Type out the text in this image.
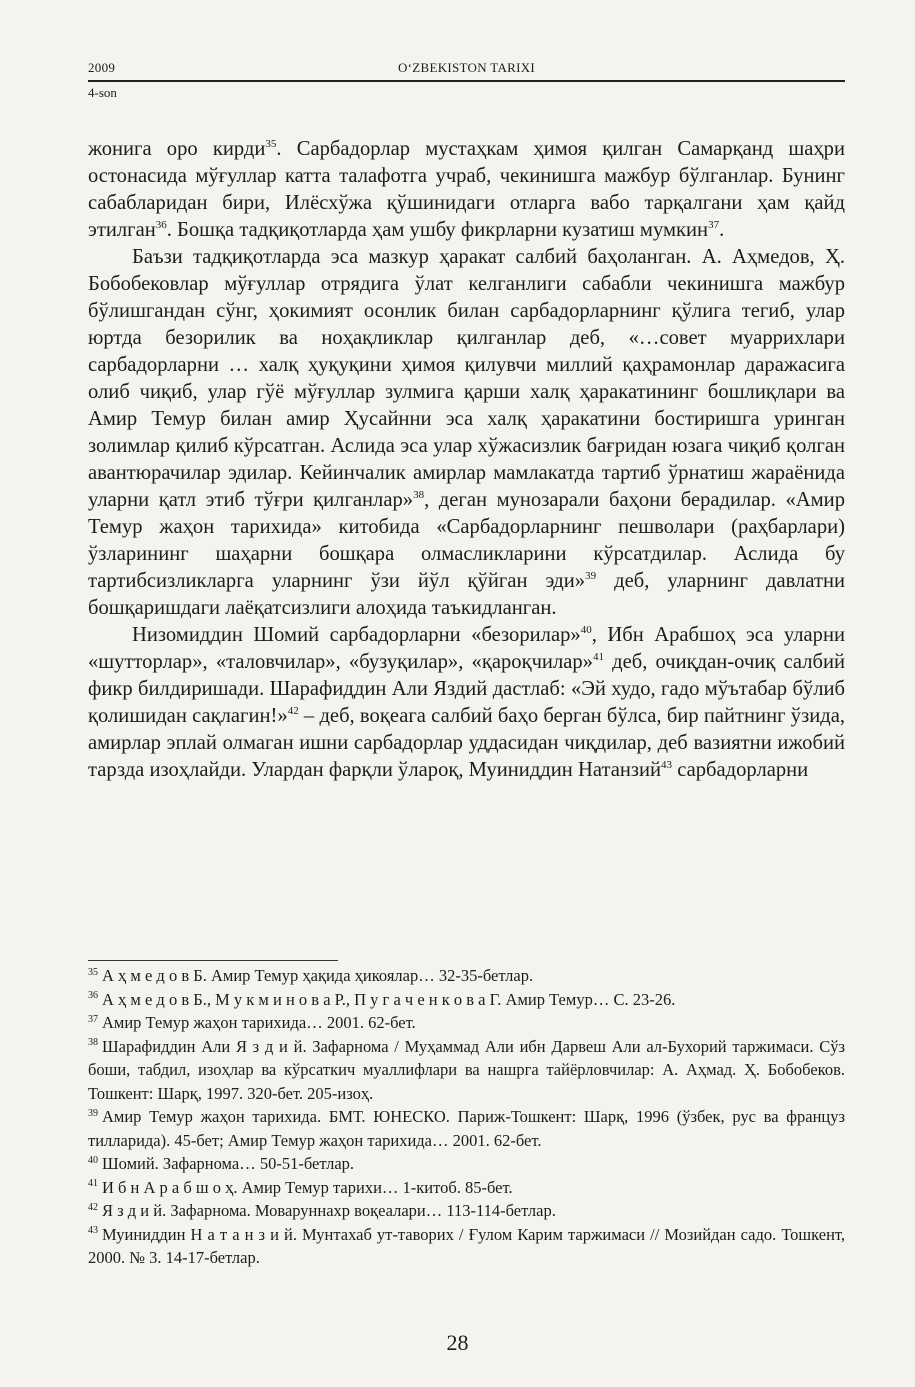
2009	O‘ZBEKISTON TARIXI
4-son

жонига оро кирди$^{35}$. Сарбадорлар мустаҳкам ҳимоя қилган Самарқанд шаҳри остонасида мўғуллар катта талафотга учраб, чекинишга мажбур бўлганлар. Бунинг сабабларидан бири, Илёсхўжа қўшинидаги отларга вабо тарқалгани ҳам қайд этилган$^{36}$. Бошқа тадқиқотларда ҳам ушбу фикрларни кузатиш мумкин$^{37}$.

Баъзи тадқиқотларда эса мазкур ҳаракат салбий баҳоланган. А. Аҳмедов, Ҳ. Бобобековлар мўғуллар отрядига ўлат келганлиги сабабли чекинишга мажбур бўлишгандан сўнг, ҳокимият осонлик билан сарбадорларнинг қўлига тегиб, улар юртда безорилик ва ноҳақликлар қилганлар деб, «…совет муаррихлари сарбадорларни … халқ ҳуқуқини ҳимоя қилувчи миллий қаҳрамонлар даражасига олиб чиқиб, улар гўё мўғуллар зулмига қарши халқ ҳаракатининг бошлиқлари ва Амир Темур билан амир Ҳусайнни эса халқ ҳаракатини бостиришга уринган золимлар қилиб кўрсатган. Аслида эса улар хўжасизлик бағридан юзага чиқиб қолган авантюрачилар эдилар. Кейинчалик амирлар мамлакатда тартиб ўрнатиш жараёнида уларни қатл этиб тўғри қилганлар»$^{38}$, деган мунозарали баҳони берадилар. «Амир Темур жаҳон тарихида» китобида «Сарбадорларнинг пешволари (раҳбарлари) ўзларининг шаҳарни бошқара олмасликларини кўрсатдилар. Аслида бу тартибсизликларга уларнинг ўзи йўл қўйган эди»$^{39}$ деб, уларнинг давлатни бошқаришдаги лаёқатсизлиги алоҳида таъкидланган.

Низомиддин Шомий сарбадорларни «безорилар»$^{40}$, Ибн Арабшоҳ эса уларни «шутторлар», «таловчилар», «бузуқилар», «қароқчилар»$^{41}$ деб, очиқдан-очиқ салбий фикр билдиришади. Шарафиддин Али Яздий дастлаб: «Эй худо, гадо мўътабар бўлиб қолишидан сақлагин!»$^{42}$ – деб, воқеага салбий баҳо берган бўлса, бир пайтнинг ўзида, амирлар эплай олмаган ишни сарбадорлар уддасидан чиқдилар, деб вазиятни ижобий тарзда изоҳлайди. Улардан фарқли ўлароқ, Муиниддин Натанзий$^{43}$ сарбадорларни

$^{35}$ А ҳ м е д о в Б. Амир Темур ҳақида ҳикоялар… 32-35-бетлар.

$^{36}$ А ҳ м е д о в Б., М у к м и н о в а Р., П у г а ч е н к о в а Г. Амир Темур… С. 23-26.

$^{37}$ Амир Темур жаҳон тарихида… 2001. 62-бет.

$^{38}$ Шарафиддин Али Я з д и й. Зафарнома / Муҳаммад Али ибн Дарвеш Али ал-Бухорий таржимаси. Сўз боши, табдил, изоҳлар ва кўрсаткич муаллифлари ва нашрга тайёрловчилар: А. Аҳмад. Ҳ. Бобобеков. Тошкент: Шарқ, 1997. 320-бет. 205-изоҳ.

$^{39}$ Амир Темур жаҳон тарихида. БМТ. ЮНЕСКО. Париж-Тошкент: Шарқ, 1996 (ўзбек, рус ва француз тилларида). 45-бет; Амир Темур жаҳон тарихида… 2001. 62-бет.

$^{40}$ Шомий. Зафарнома… 50-51-бетлар.

$^{41}$ И б н А р а б ш о ҳ. Амир Темур тарихи… 1-китоб. 85-бет.

$^{42}$ Я з д и й. Зафарнома. Моваруннахр воқеалари… 113-114-бетлар.

$^{43}$ Муиниддин Н а т а н з и й. Мунтахаб ут-таворих / Ғулом Карим таржимаси // Мозийдан садо. Тошкент, 2000. № 3. 14-17-бетлар.

28
